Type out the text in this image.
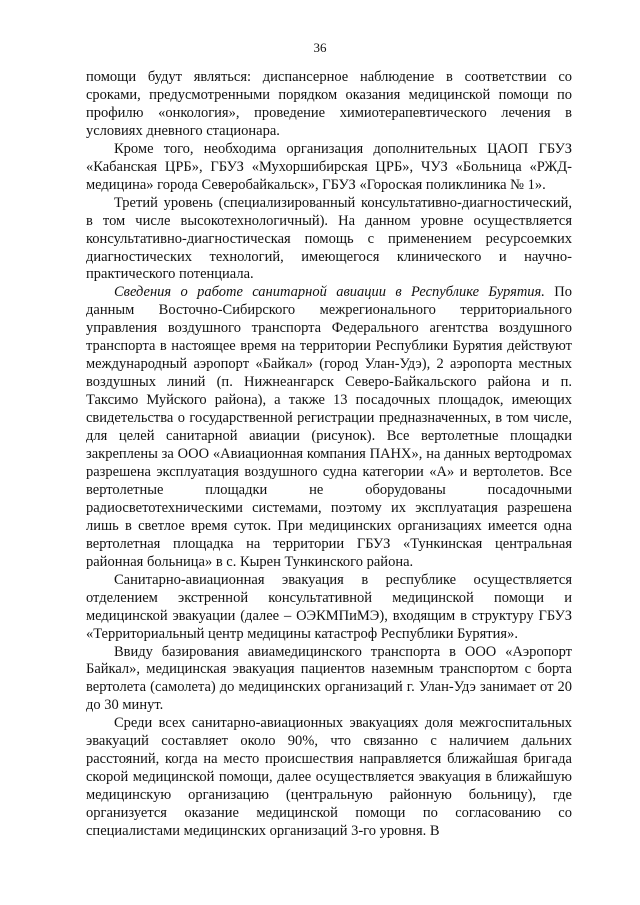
36

помощи будут являться: диспансерное наблюдение в соответствии со сроками, предусмотренными порядком оказания медицинской помощи по профилю «онкология», проведение химиотерапевтического лечения в условиях дневного стационара.

Кроме того, необходима организация дополнительных ЦАОП ГБУЗ «Кабанская ЦРБ», ГБУЗ «Мухоршибирская ЦРБ», ЧУЗ «Больница «РЖД-медицина» города Северобайкальск», ГБУЗ «Гороская поликлиника № 1».

Третий уровень (специализированный консультативно-диагностический, в том числе высокотехнологичный). На данном уровне осуществляется консультативно-диагностическая помощь с применением ресурсоемких диагностических технологий, имеющегося клинического и научно-практического потенциала.

Сведения о работе санитарной авиации в Республике Бурятия. По данным Восточно-Сибирского межрегионального территориального управления воздушного транспорта Федерального агентства воздушного транспорта в настоящее время на территории Республики Бурятия действуют международный аэропорт «Байкал» (город Улан-Удэ), 2 аэропорта местных воздушных линий (п. Нижнеангарск Северо-Байкальского района и п. Таксимо Муйского района), а также 13 посадочных площадок, имеющих свидетельства о государственной регистрации предназначенных, в том числе, для целей санитарной авиации (рисунок). Все вертолетные площадки закреплены за ООО «Авиационная компания ПАНХ», на данных вертодромах разрешена эксплуатация воздушного судна категории «А» и вертолетов. Все вертолетные площадки не оборудованы посадочными радиосветотехническими системами, поэтому их эксплуатация разрешена лишь в светлое время суток. При медицинских организациях имеется одна вертолетная площадка на территории ГБУЗ «Тункинская центральная районная больница» в с. Кырен Тункинского района.

Санитарно-авиационная эвакуация в республике осуществляется отделением экстренной консультативной медицинской помощи и медицинской эвакуации (далее – ОЭКМПиМЭ), входящим в структуру ГБУЗ «Территориальный центр медицины катастроф Республики Бурятия».

Ввиду базирования авиамедицинского транспорта в ООО «Аэропорт Байкал», медицинская эвакуация пациентов наземным транспортом с борта вертолета (самолета) до медицинских организаций г. Улан-Удэ занимает от 20 до 30 минут.

Среди всех санитарно-авиационных эвакуациях доля межгоспитальных эвакуаций составляет около 90%, что связанно с наличием дальних расстояний, когда на место происшествия направляется ближайшая бригада скорой медицинской помощи, далее осуществляется эвакуация в ближайшую медицинскую организацию (центральную районную больницу), где организуется оказание медицинской помощи по согласованию со специалистами медицинских организаций 3-го уровня. В
